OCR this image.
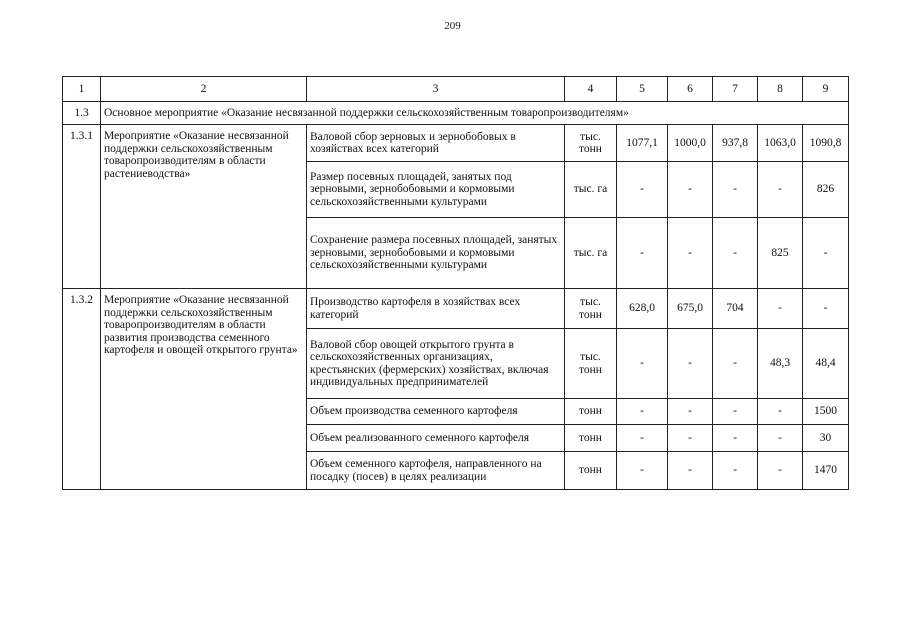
209
1	2	3	4	5	6	7	8	9
1.3	Основное мероприятие «Оказание несвязанной поддержки сельскохозяйственным товаропроизводителям»							
1.3.1	Мероприятие «Оказание несвязанной поддержки сельскохозяйственным товаропроизводителям в области растениеводства»	Валовой сбор зерновых и зернобобовых в хозяйствах всех категорий	тыс. тонн	1077,1	1000,0	937,8	1063,0	1090,8
		Размер посевных площадей, занятых под зерновыми, зернобобовыми и кормовыми сельскохозяйственными культурами	тыс. га	-	-	-	-	826
		Сохранение размера посевных площадей, занятых зерновыми, зернобобовыми и кормовыми сельскохозяйственными культурами	тыс. га	-	-	-	825	-
1.3.2	Мероприятие «Оказание несвязанной поддержки сельскохозяйственным товаропроизводителям в области развития производства семенного картофеля и овощей открытого грунта»	Производство картофеля в хозяйствах всех категорий	тыс. тонн	628,0	675,0	704	-	-
		Валовой сбор овощей открытого грунта в сельскохозяйственных организациях, крестьянских (фермерских) хозяйствах, включая индивидуальных предпринимателей	тыс. тонн	-	-	-	48,3	48,4
		Объем производства семенного картофеля	тонн	-	-	-	-	1500
		Объем реализованного семенного картофеля	тонн	-	-	-	-	30
		Объем семенного картофеля, направленного на посадку (посев) в целях реализации	тонн	-	-	-	-	1470
